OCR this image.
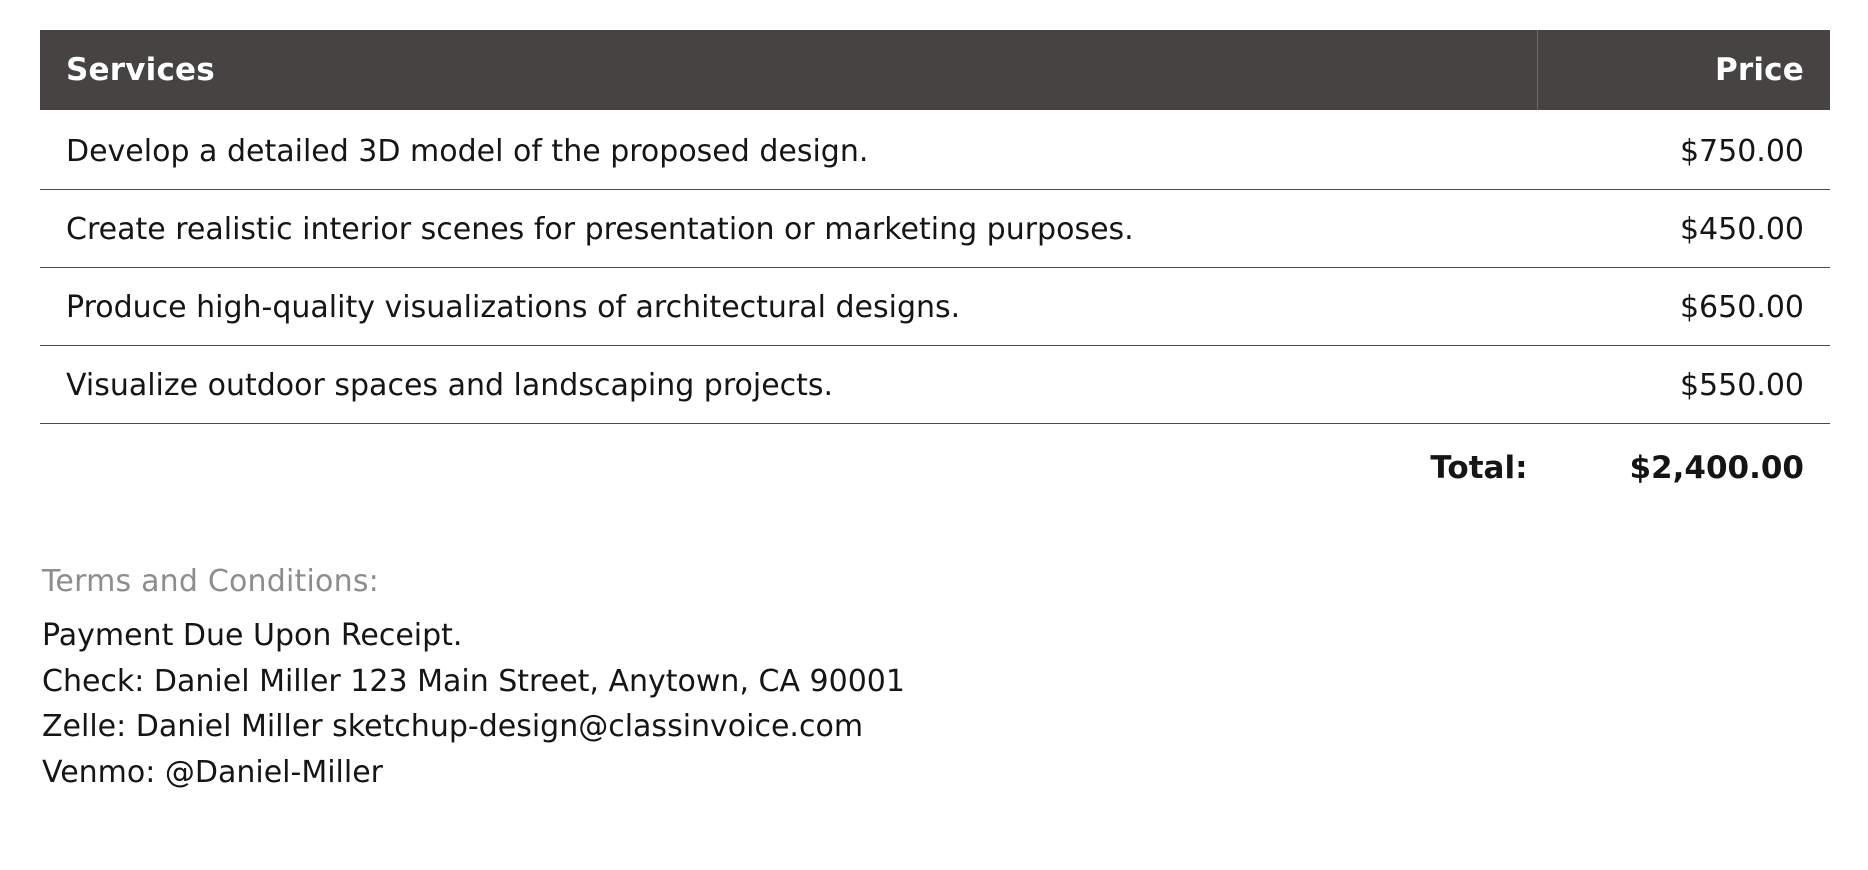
Services	Price
Develop a detailed 3D model of the proposed design.	$750.00
Create realistic interior scenes for presentation or marketing purposes.	$450.00
Produce high-quality visualizations of architectural designs.	$650.00
Visualize outdoor spaces and landscaping projects.	$550.00
Total:	$2,400.00
Terms and Conditions:
Payment Due Upon Receipt.
Check: Daniel Miller 123 Main Street, Anytown, CA 90001
Zelle: Daniel Miller sketchup-design@classinvoice.com
Venmo: @Daniel-Miller
